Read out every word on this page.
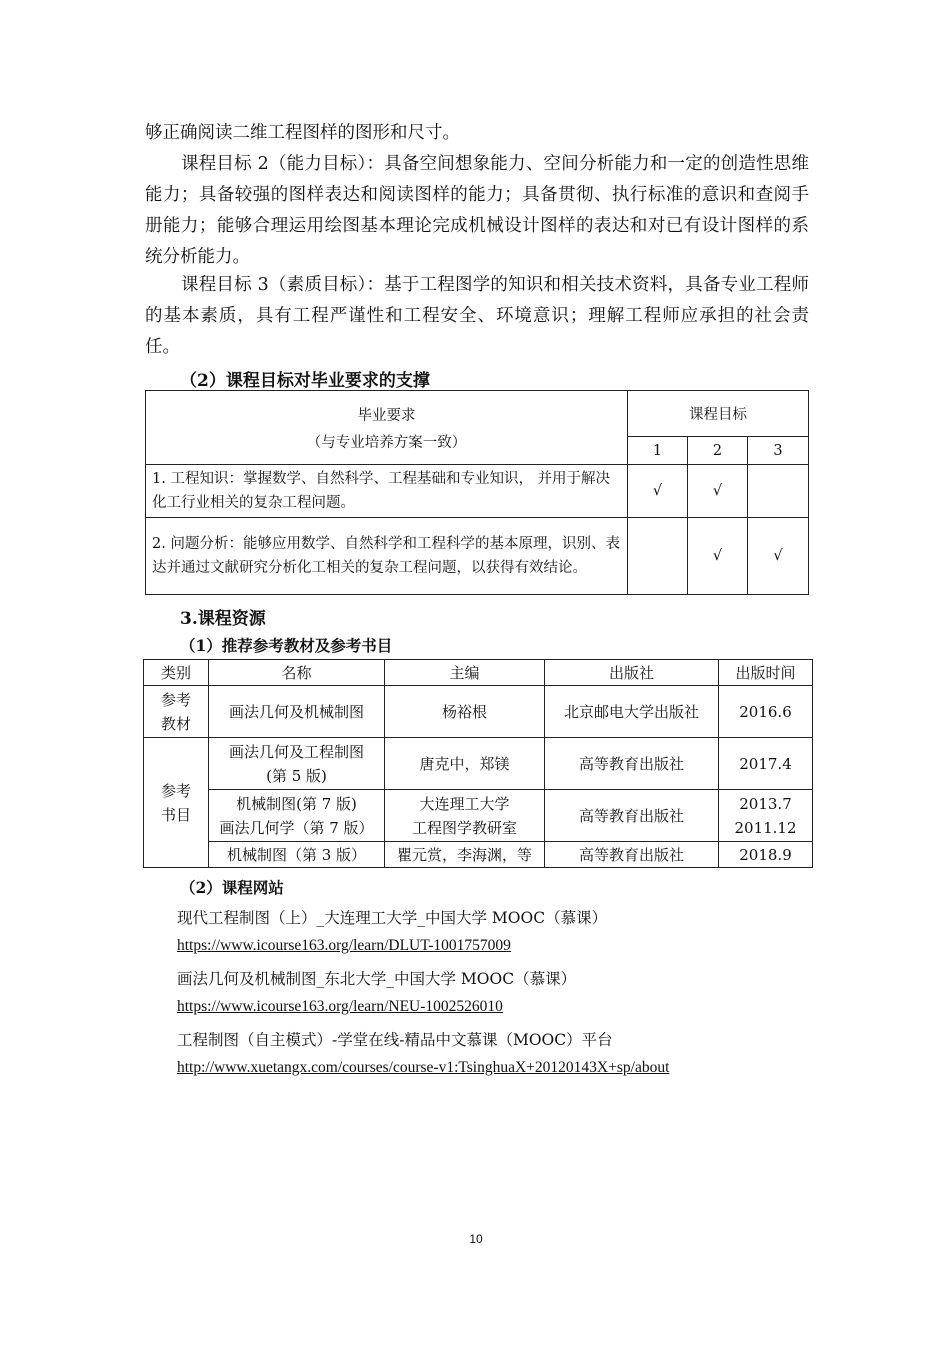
够正确阅读二维工程图样的图形和尺寸。

课程目标 2（能力目标）：具备空间想象能力、空间分析能力和一定的创造性思维能力；具备较强的图样表达和阅读图样的能力；具备贯彻、执行标准的意识和查阅手册能力；能够合理运用绘图基本理论完成机械设计图样的表达和对已有设计图样的系统分析能力。

课程目标 3（素质目标）：基于工程图学的知识和相关技术资料，具备专业工程师的基本素质，具有工程严谨性和工程安全、环境意识；理解工程师应承担的社会责任。

（2）课程目标对毕业要求的支撑

毕业要求
（与专业培养方案一致）	课程目标		
	1	2	3
1. 工程知识：掌握数学、自然科学、工程基础和专业知识， 并用于解决化工行业相关的复杂工程问题。	√	√	
2. 问题分析：能够应用数学、自然科学和工程科学的基本原理，识别、表达并通过文献研究分析化工相关的复杂工程问题，以获得有效结论。		√	√

3.课程资源

（1）推荐参考教材及参考书目

类别	名称	主编	出版社	出版时间
参考教材	画法几何及机械制图	杨裕根	北京邮电大学出版社	2016.6
参考书目	画法几何及工程制图
(第 5 版)	唐克中，郑镁	高等教育出版社	2017.4

	机械制图(第 7 版)
画法几何学（第 7 版）	大连理工大学
工程图学教研室	高等教育出版社	2013.7
2011.12

	机械制图（第 3 版）	瞿元赏，李海渊，等	高等教育出版社	2018.9

（2）课程网站

现代工程制图（上）_大连理工大学_中国大学 MOOC（慕课）

https://www.icourse163.org/learn/DLUT-1001757009

画法几何及机械制图_东北大学_中国大学 MOOC（慕课）

https://www.icourse163.org/learn/NEU-1002526010

工程制图（自主模式）-学堂在线-精品中文慕课（MOOC）平台

http://www.xuetangx.com/courses/course-v1:TsinghuaX+20120143X+sp/about

10
